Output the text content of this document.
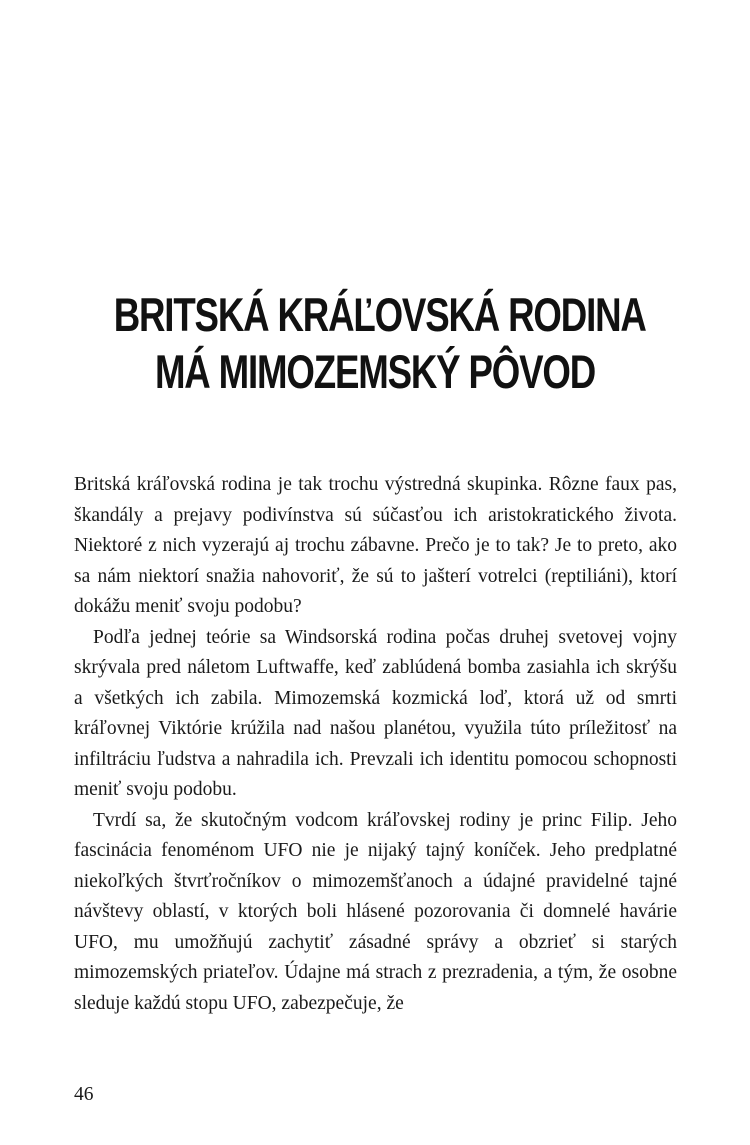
BRITSKÁ KRÁĽOVSKÁ RODINA
MÁ MIMOZEMSKÝ PÔVOD

Britská kráľovská rodina je tak trochu výstredná skupinka. Rôzne faux pas, škandály a prejavy podivínstva sú súčasťou ich aristokratického života. Niektoré z nich vyzerajú aj trochu zábavne. Prečo je to tak? Je to preto, ako sa nám niektorí snažia nahovoriť, že sú to jašterí votrelci (reptiliáni), ktorí dokážu meniť svoju podobu?

Podľa jednej teórie sa Windsorská rodina počas druhej svetovej vojny skrývala pred náletom Luftwaffe, keď zablúdená bomba zasiahla ich skrýšu a všetkých ich zabila. Mimozemská kozmická loď, ktorá už od smrti kráľovnej Viktórie krúžila nad našou planétou, využila túto príležitosť na infiltráciu ľudstva a nahradila ich. Prevzali ich identitu pomocou schopnosti meniť svoju podobu.

Tvrdí sa, že skutočným vodcom kráľovskej rodiny je princ Filip. Jeho fascinácia fenoménom UFO nie je nijaký tajný koníček. Jeho predplatné niekoľkých štvrťročníkov o mimozemšťanoch a údajné pravidelné tajné návštevy oblastí, v ktorých boli hlásené pozorovania či domnelé havárie UFO, mu umožňujú zachytiť zásadné správy a obzrieť si starých mimozemských priateľov. Údajne má strach z prezradenia, a tým, že osobne sleduje každú stopu UFO, zabezpečuje, že

46
